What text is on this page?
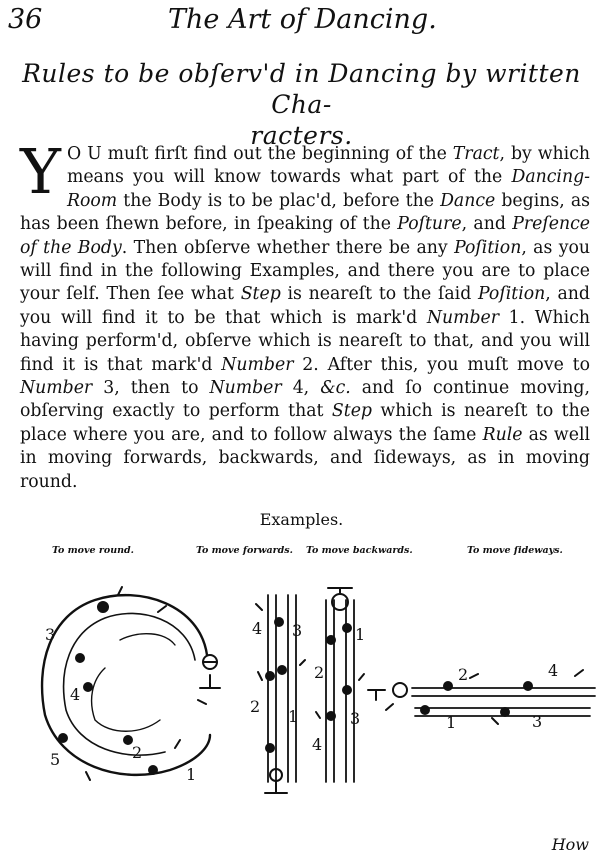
36	The Art of Dancing.
Rules to be obſerv'd in Dancing by written Cha-
racters.
Y O U muſt firſt find out the beginning of the Tract, by which means you will know towards what part of the Dancing-Room the Body is to be plac'd, before the Dance begins, as has been ſhewn before, in ſpeaking of the Poſture, and Preſence of the Body. Then obſerve whether there be any Poſition, as you will find in the following Examples, and there you are to place your ſelf. Then ſee what Step is neareſt to the ſaid Poſition, and you will find it to be that which is mark'd Number 1. Which having perform'd, obſerve which is neareſt to that, and you will find it is that mark'd Number 2. After this, you muſt move to Number 3, then to Number 4, &c. and ſo continue moving, obſerving exactly to perform that Step which is neareſt to the place where you are, and to follow always the ſame Rule as well in moving forwards, backwards, and ſideways, as in moving round.
Examples.
To move round.	To move forwards. To move backwards.	To move ſideways.
1
2
3
4
5
1
2
3
4	1
2
3
4
1
2
3
4
How
